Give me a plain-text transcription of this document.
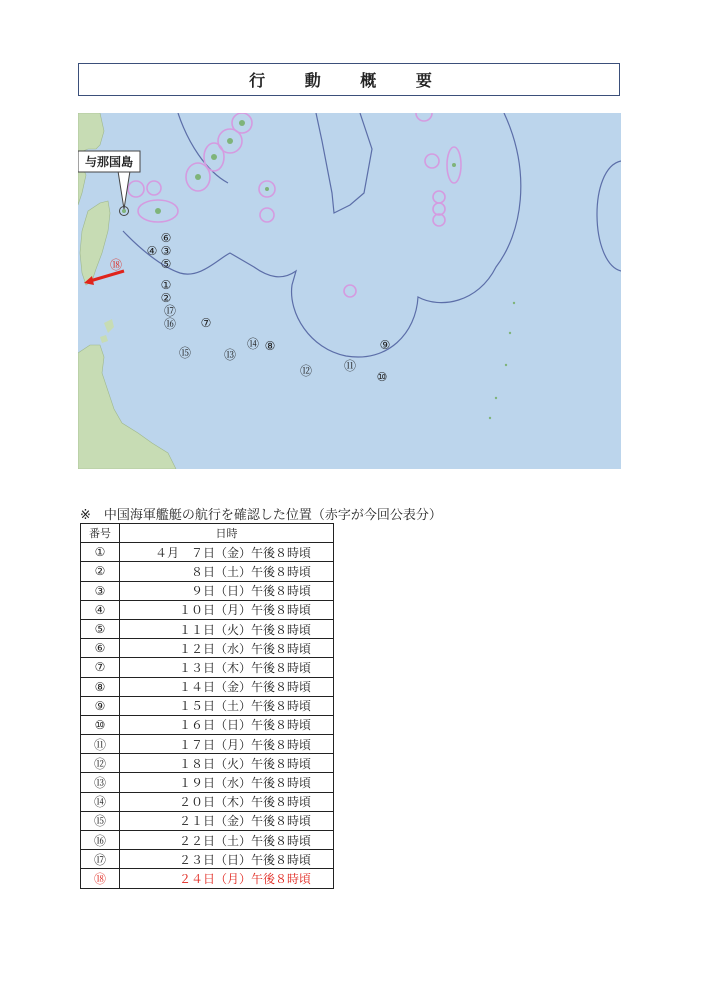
行 動 概 要
与那国島
①
②
③
④
⑤
⑥
⑦
⑧	⑨
⑩
⑪
⑫
⑬
⑭
⑮
⑯
⑰
⑱
※　中国海軍艦艇の航行を確認した位置（赤字が今回公表分）
番号	日時
①	４月　７日（金）午後８時頃
②	８日（土）午後８時頃
③	９日（日）午後８時頃
④	１０日（月）午後８時頃
⑤	１１日（火）午後８時頃
⑥	１２日（水）午後８時頃
⑦	１３日（木）午後８時頃
⑧	１４日（金）午後８時頃
⑨	１５日（土）午後８時頃
⑩	１６日（日）午後８時頃
⑪	１７日（月）午後８時頃
⑫	１８日（火）午後８時頃
⑬	１９日（水）午後８時頃
⑭	２０日（木）午後８時頃
⑮	２１日（金）午後８時頃
⑯	２２日（土）午後８時頃
⑰	２３日（日）午後８時頃
⑱	２４日（月）午後８時頃
